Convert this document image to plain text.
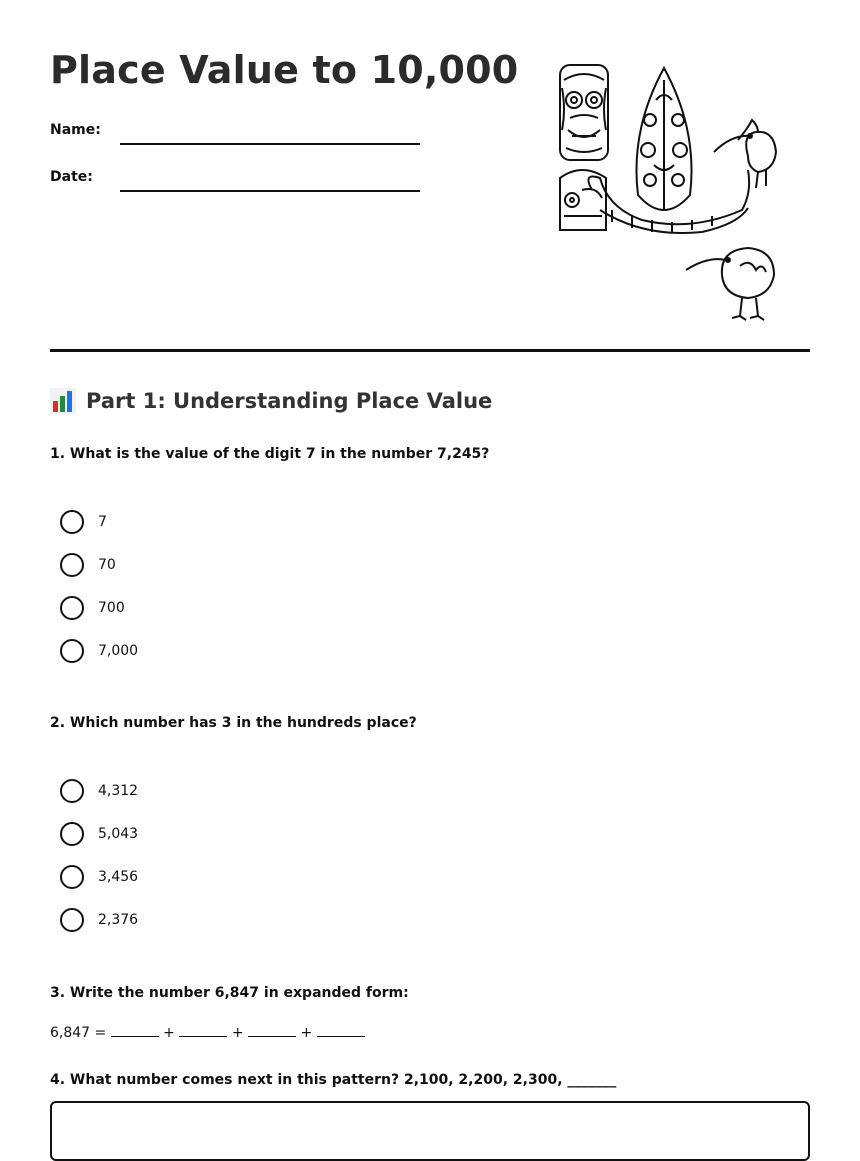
Place Value to 10,000
Name:
Date:
Part 1: Understanding Place Value

1. What is the value of the digit 7 in the number 7,245?

7
70
700
7,000

2. Which number has 3 in the hundreds place?

4,312
5,043
3,456
2,376

3. Write the number 6,847 in expanded form:

6,847 =	+	+	+

4. What number comes next in this pattern? 2,100, 2,200, 2,300, _______
